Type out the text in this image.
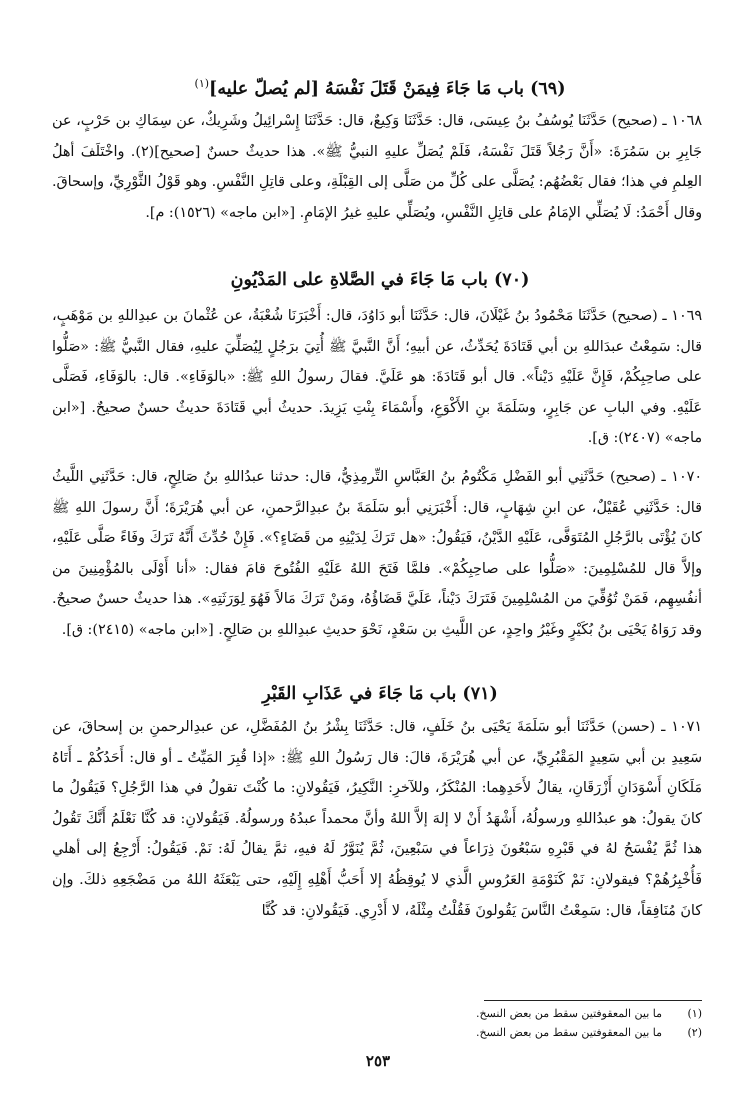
(٦٩) باب مَا جَاءَ فِيمَنْ قَتَلَ نَفْسَهُ [لم يُصلّ عليه]$^{(١)}$

١٠٦٨ ـ (صحيح) حَدَّثَنَا يُوسُفُ بنُ عِيسَى، قال: حَدَّثَنَا وَكِيعٌ، قال: حَدَّثَنَا إِسْرائِيلُ وشَرِيكٌ، عن سِمَاكِ بن حَرْبٍ، عن جَابِرِ بن سَمُرَةَ: «أَنَّ رَجُلاً قَتَلَ نَفْسَهُ، فَلَمْ يُصَلِّ عليهِ النبيُّ ﷺ». هذا حديثٌ حسنٌ [صحيح](٢). واخْتَلَفَ أهلُ العِلمِ في هذا؛ فقال بَعْضُهُم: يُصَلَّى على كُلِّ من صَلَّى إلى القِبْلَةِ، وعلى قاتِلِ النَّفْسِ. وهو قَوْلُ الثَّوْرِيِّ، وإسحاقَ. وقال أَحْمَدُ: لَا يُصَلِّي الإمَامُ على قاتِلِ النَّفْسِ، ويُصَلِّي عليهِ غيرُ الإمَامِ. [«ابن ماجه» (١٥٢٦): م].

(٧٠) باب مَا جَاءَ في الصَّلاةِ على المَدْيُونِ

١٠٦٩ ـ (صحيح) حَدَّثَنَا مَحْمُودُ بنُ غَيْلَانَ، قال: حَدَّثَنَا أبو دَاوُدَ، قال: أَخْبَرَنَا شُعْبَةُ، عن عُثْمانَ بن عبدِاللهِ بن مَوْهَبٍ، قال: سَمِعْتُ عبدَاللهِ بن أبي قَتَادَةَ يُحَدِّثُ، عن أبيهِ؛ أَنَّ النَّبيَّ ﷺ أُتِيَ برَجُلٍ لِيُصَلِّيَ عليهِ، فقال النَّبيُّ ﷺ: «صَلُّوا على صاحِبِكُمْ، فَإِنَّ عَلَيْهِ دَيْناً». قال أبو قَتَادَةَ: هو عَلَيَّ. فقالَ رسولُ اللهِ ﷺ: «بالوَفَاءِ». قال: بالوَفَاءِ، فَصَلَّى عَلَيْهِ. وفي البابِ عن جَابِرٍ، وسَلَمَةَ بنِ الأَكْوَعِ، وأَسْمَاءَ بِنْتِ يَزِيدَ. حديثُ أبي قَتَادَةَ حديثٌ حسنٌ صحيحٌ. [«ابن ماجه» (٢٤٠٧): ق].

١٠٧٠ ـ (صحيح) حَدَّثَنِي أبو الفَضْلِ مَكْتُومُ بنُ العَبَّاسِ التِّرمِذِيُّ، قال: حدثنا عبدُاللهِ بنُ صَالِحٍ، قال: حَدَّثَنِي اللَّيثُ قال: حَدَّثَنِي عُقَيْلٌ، عن ابنِ شِهَابٍ، قال: أَخْبَرَنِي أبو سَلَمَةَ بنُ عبدِالرَّحمنِ، عن أبي هُرَيْرَةَ؛ أَنَّ رسولَ اللهِ ﷺ كانَ يُؤْتَى بالرَّجُلِ المُتَوَفَّى، عَلَيْهِ الدَّيْنُ، فَيَقُولُ: «هل تَرَكَ لِدَيْنِهِ من قَضَاءٍ؟». فَإِنْ حُدِّثَ أَنَّهُ تَرَكَ وفَاءً صَلَّى عَلَيْهِ، وإلاَّ قال للمُسْلِمِينَ: «صَلُّوا على صاحِبِكُمْ». فلمَّا فَتَحَ اللهُ عَلَيْهِ الفُتُوحَ قامَ فقال: «أنا أَوْلَى بالمُؤْمِنِينَ من أنفُسِهِم، فَمَنْ تُوُفِّيَ من المُسْلِمِينَ فَتَرَكَ دَيْناً، عَلَيَّ قَضَاؤُهُ، ومَنْ تَرَكَ مَالاً فَهُوَ لِوَرَثَتِهِ». هذا حديثٌ حسنٌ صحيحٌ. وقد رَوَاهُ يَحْيَى بنُ بُكَيْرٍ وغَيْرُ واحِدٍ، عن اللَّيثِ بن سَعْدٍ، نَحْوَ حديثِ عبدِاللهِ بن صَالِحٍ. [«ابن ماجه» (٢٤١٥): ق].

(٧١) باب مَا جَاءَ في عَذَابِ القَبْرِ

١٠٧١ ـ (حسن) حَدَّثَنَا أبو سَلَمَةَ يَحْيَى بنُ خَلَفٍ، قال: حَدَّثَنَا بِشْرُ بنُ المُفَضَّلِ، عن عبدِالرحمنِ بن إسحاقَ، عن سَعِيدِ بن أبي سَعِيدٍ المَقْبُرِيِّ، عن أبي هُرَيْرَةَ، قالَ: قال رَسُولُ اللهِ ﷺ: «إذا قُبِرَ المَيِّتُ ـ أو قال: أَحَدُكُمْ ـ أَتَاهُ مَلَكَانِ أَسْوَدَانِ أَزْرَقَانِ، يقالُ لأَحَدِهِما: المُنْكَرُ، وللآخرِ: النَّكِيرُ، فَيَقُولانِ: ما كُنْتَ تقولُ في هذا الرَّجُلِ؟ فَيَقُولُ ما كانَ يقولُ: هو عبدُاللهِ ورسولُهُ، أَشْهَدُ أَنْ لا إلهَ إلاَّ اللهُ وأنَّ محمداً عبدُهُ ورسولُهُ. فَيَقُولانِ: قد كُنَّا نَعْلَمُ أَنَّكَ تَقُولُ هذا ثُمَّ يُفْسَحُ لهُ في قَبْرِهِ سَبْعُونَ ذِرَاعاً في سَبْعِينَ، ثُمَّ يُنَوَّرُ لَهُ فيهِ، ثمَّ يقالُ لَهُ: نَمْ. فَيَقُولُ: أَرْجِعُ إلى أهلي فَأُخْبِرُهُمْ؟ فيقولانِ: نَمْ كَنَوْمَةِ العَرُوسِ الَّذي لا يُوقِظُهُ إلا أَحَبُّ أَهْلِهِ إِلَيْهِ، حتى يَبْعَثَهُ اللهُ من مَضْجَعِهِ ذلكَ. وإن كانَ مُنَافِقاً، قال: سَمِعْتُ النَّاسَ يَقُولونَ فَقُلْتُ مِثْلَهُ، لا أَدْرِي. فَيَقُولانِ: قد كُنَّا

(١)ما بين المعقوفتين سقط من بعض النسخ.
(٢)ما بين المعقوفتين سقط من بعض النسخ.
٢٥٣
